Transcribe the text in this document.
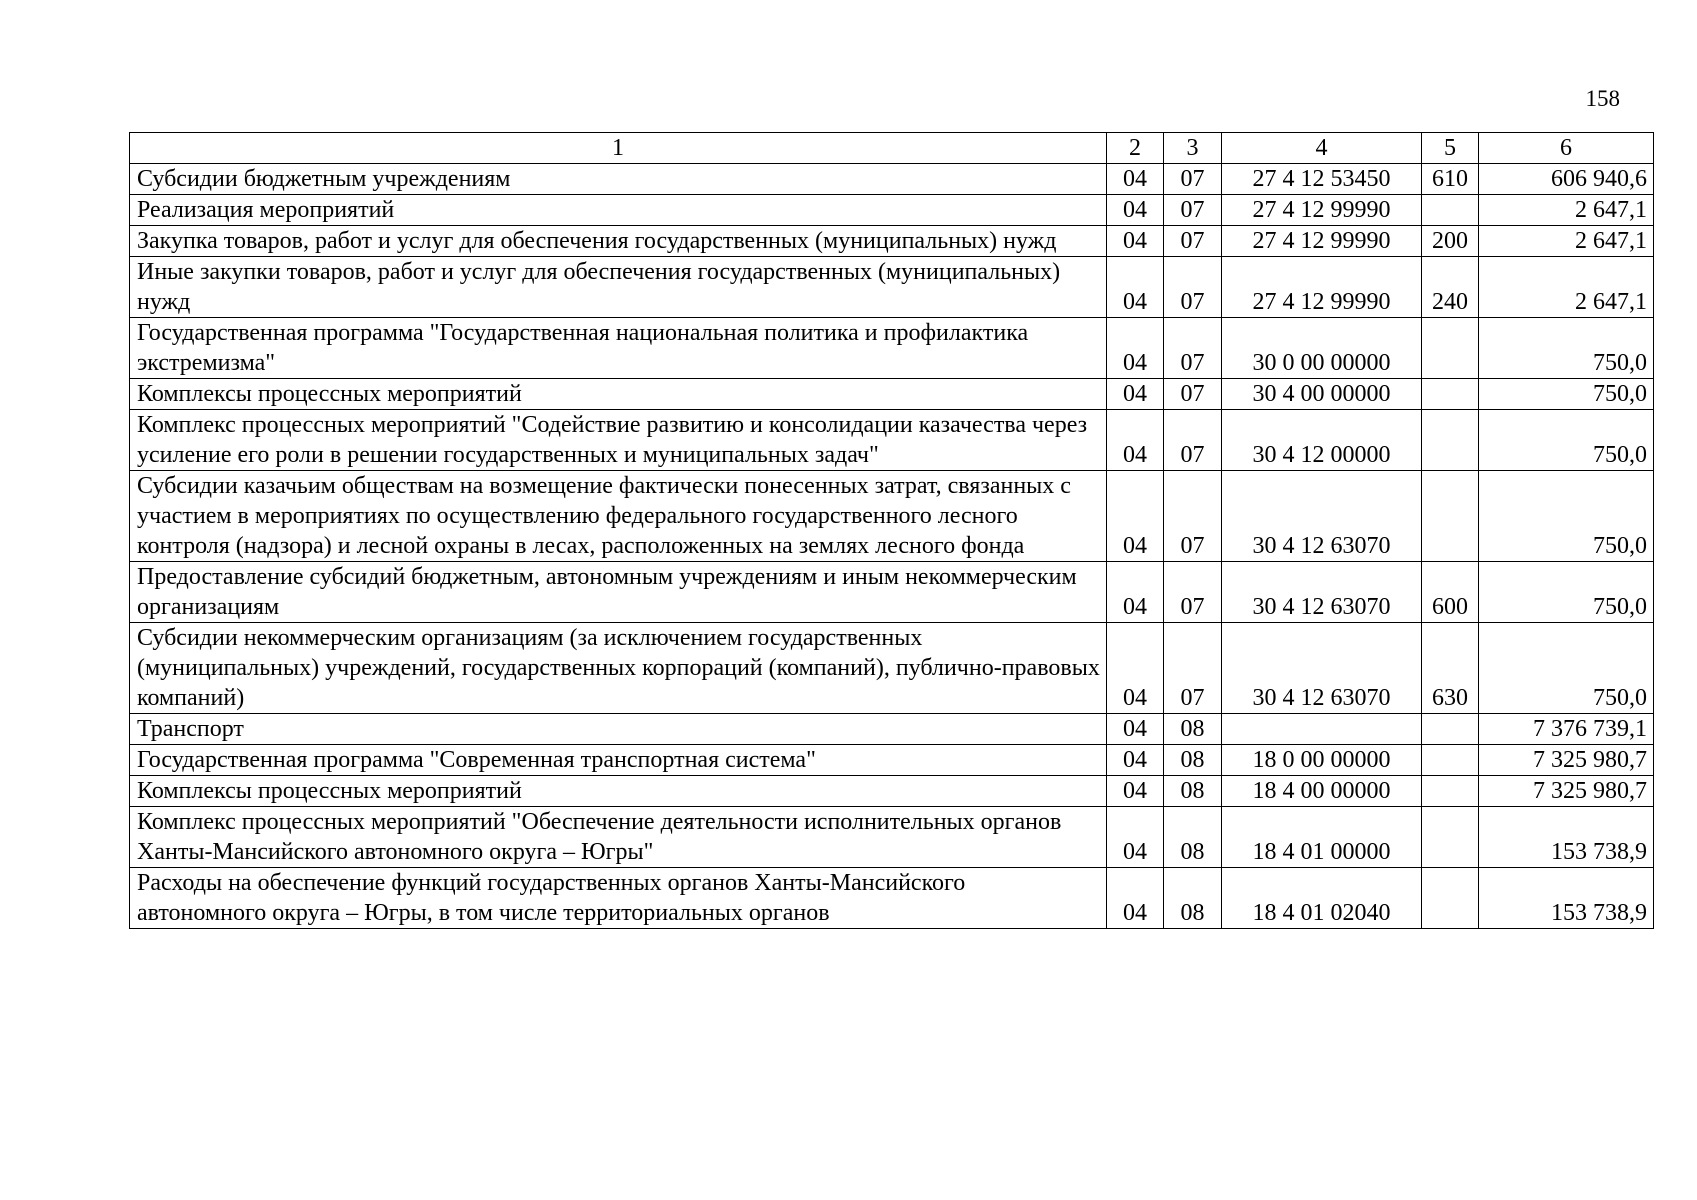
158
1	2	3	4	5	6
Субсидии бюджетным учреждениям	04	07	27 4 12 53450	610	606 940,6
Реализация мероприятий	04	07	27 4 12 99990		2 647,1
Закупка товаров, работ и услуг для обеспечения государственных (муниципальных) нужд	04	07	27 4 12 99990	200	2 647,1
Иные закупки товаров, работ и услуг для обеспечения государственных (муниципальных) нужд	04	07	27 4 12 99990	240	2 647,1
Государственная программа "Государственная национальная политика и профилактика экстремизма"	04	07	30 0 00 00000		750,0
Комплексы процессных мероприятий	04	07	30 4 00 00000		750,0
Комплекс процессных мероприятий "Содействие развитию и консолидации казачества через усиление его роли в решении государственных и муниципальных задач"	04	07	30 4 12 00000		750,0
Субсидии казачьим обществам на возмещение фактически понесенных затрат, связанных с участием в мероприятиях по осуществлению федерального государственного лесного контроля (надзора) и лесной охраны в лесах, расположенных на землях лесного фонда	04	07	30 4 12 63070		750,0
Предоставление субсидий бюджетным, автономным учреждениям и иным некоммерческим организациям	04	07	30 4 12 63070	600	750,0
Субсидии некоммерческим организациям (за исключением государственных (муниципальных) учреждений, государственных корпораций (компаний), публично-правовых компаний)	04	07	30 4 12 63070	630	750,0
Транспорт	04	08			7 376 739,1
Государственная программа "Современная транспортная система"	04	08	18 0 00 00000		7 325 980,7
Комплексы процессных мероприятий	04	08	18 4 00 00000		7 325 980,7
Комплекс процессных мероприятий "Обеспечение деятельности исполнительных органов Ханты-Мансийского автономного округа – Югры"	04	08	18 4 01 00000		153 738,9
Расходы на обеспечение функций государственных органов Ханты-Мансийского автономного округа – Югры, в том числе территориальных органов	04	08	18 4 01 02040		153 738,9
